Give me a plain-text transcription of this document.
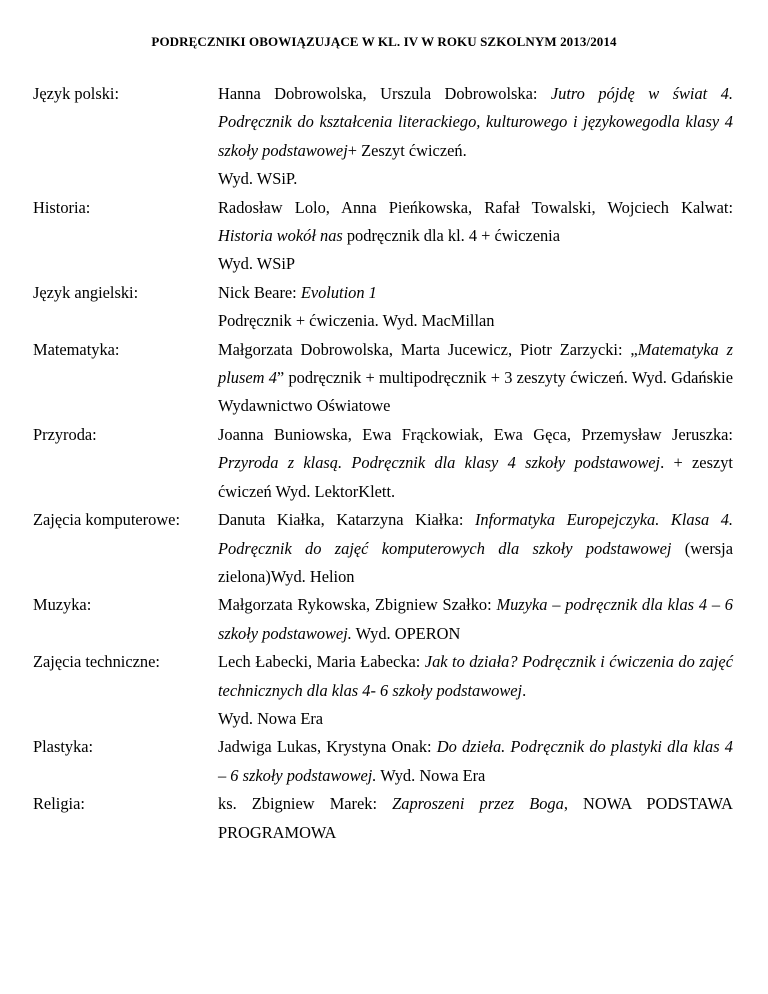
PODRĘCZNIKI OBOWIĄZUJĄCE W KL. IV W ROKU SZKOLNYM 2013/2014
Język polski:	Hanna Dobrowolska, Urszula Dobrowolska: Jutro pójdę w świat 4. Podręcznik do kształcenia literackiego, kulturowego i językowegodla klasy 4 szkoły podstawowej+ Zeszyt ćwiczeń.
Wyd. WSiP.
Historia:	Radosław Lolo, Anna Pieńkowska, Rafał Towalski, Wojciech Kalwat: Historia wokół nas podręcznik dla kl. 4 + ćwiczenia
Wyd. WSiP
Język angielski:	Nick Beare: Evolution 1
Podręcznik + ćwiczenia. Wyd. MacMillan
Matematyka:	Małgorzata Dobrowolska, Marta Jucewicz, Piotr Zarzycki: „Matematyka z plusem 4” podręcznik + multipodręcznik + 3 zeszyty ćwiczeń. Wyd. Gdańskie Wydawnictwo Oświatowe
Przyroda:	Joanna Buniowska, Ewa Frąckowiak, Ewa Gęca, Przemysław Jeruszka: Przyroda z klasą. Podręcznik dla klasy 4 szkoły podstawowej. + zeszyt ćwiczeń Wyd. LektorKlett.
Zajęcia komputerowe:	Danuta Kiałka, Katarzyna Kiałka: Informatyka Europejczyka. Klasa 4. Podręcznik do zajęć komputerowych dla szkoły podstawowej (wersja zielona)Wyd. Helion
Muzyka:	Małgorzata Rykowska, Zbigniew Szałko: Muzyka – podręcznik dla klas 4 – 6 szkoły podstawowej. Wyd. OPERON
Zajęcia techniczne:	Lech Łabecki, Maria Łabecka: Jak to działa? Podręcznik i ćwiczenia do zajęć technicznych dla klas 4- 6 szkoły podstawowej.
Wyd. Nowa Era
Plastyka:	Jadwiga Lukas, Krystyna Onak: Do dzieła. Podręcznik do plastyki dla klas 4 – 6 szkoły podstawowej. Wyd. Nowa Era
Religia:	ks. Zbigniew Marek: Zaproszeni przez Boga, NOWA PODSTAWA PROGRAMOWA
